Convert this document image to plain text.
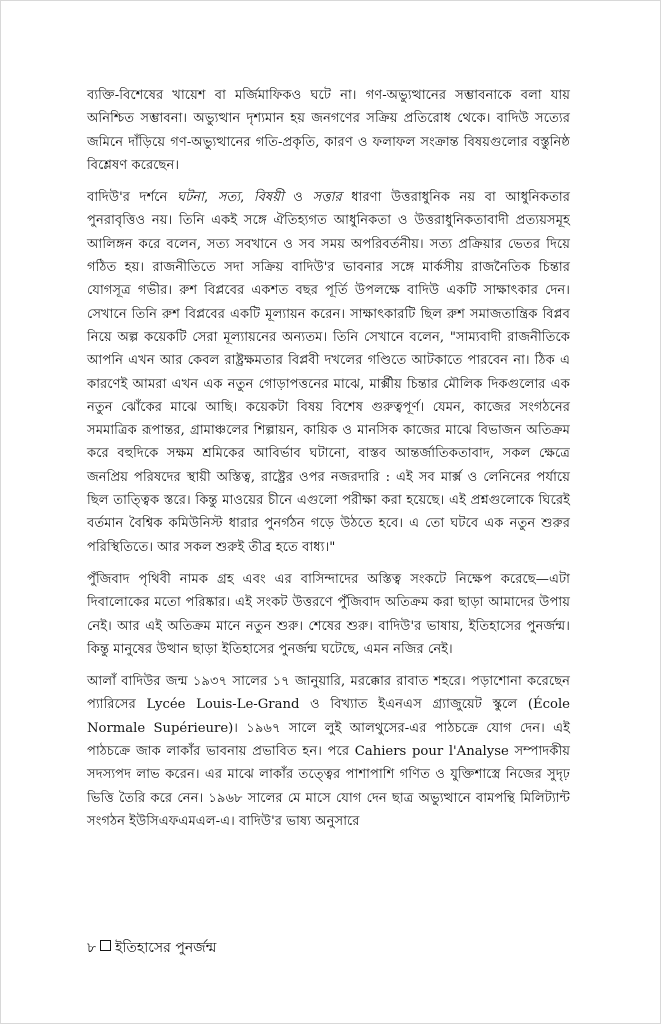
ব্যক্তি-বিশেষের খায়েশ বা মর্জিমাফিকও ঘটে না। গণ-অভ্যুত্থানের সম্ভাবনাকে বলা যায় অনিশ্চিত সম্ভাবনা। অভ্যুত্থান দৃশ্যমান হয় জনগণের সক্রিয় প্রতিরোধ থেকে। বাদিউ সত্যের জমিনে দাঁড়িয়ে গণ-অভ্যুত্থানের গতি-প্রকৃতি, কারণ ও ফলাফল সংক্রান্ত বিষয়গুলোর বস্তুনিষ্ঠ বিশ্লেষণ করেছেন।

বাদিউ'র দর্শনে ঘটনা, সত্য, বিষয়ী ও সত্তার ধারণা উত্তরাধুনিক নয় বা আধুনিকতার পুনরাবৃত্তিও নয়। তিনি একই সঙ্গে ঐতিহ্যগত আধুনিকতা ও উত্তরাধুনিকতাবাদী প্রত্যয়সমূহ আলিঙ্গন করে বলেন, সত্য সবখানে ও সব সময় অপরিবর্তনীয়। সত্য প্রক্রিয়ার ভেতর দিয়ে গঠিত হয়। রাজনীতিতে সদা সক্রিয় বাদিউ'র ভাবনার সঙ্গে মার্কসীয় রাজনৈতিক চিন্তার যোগসূত্র গভীর। রুশ বিপ্লবের একশত বছর পূর্তি উপলক্ষে বাদিউ একটি সাক্ষাৎকার দেন। সেখানে তিনি রুশ বিপ্লবের একটি মূল্যায়ন করেন। সাক্ষাৎকারটি ছিল রুশ সমাজতান্ত্রিক বিপ্লব নিয়ে অল্প কয়েকটি সেরা মূল্যায়নের অন্যতম। তিনি সেখানে বলেন, "সাম্যবাদী রাজনীতিকে আপনি এখন আর কেবল রাষ্ট্রক্ষমতার বিপ্লবী দখলের গণ্ডিতে আটকাতে পারবেন না। ঠিক এ কারণেই আমরা এখন এক নতুন গোড়াপত্তনের মাঝে, মার্ক্সীয় চিন্তার মৌলিক দিকগুলোর এক নতুন ঝোঁকের মাঝে আছি। কয়েকটা বিষয় বিশেষ গুরুত্বপূর্ণ। যেমন, কাজের সংগঠনের সমমাত্রিক রূপান্তর, গ্রামাঞ্চলের শিল্পায়ন, কায়িক ও মানসিক কাজের মাঝে বিভাজন অতিক্রম করে বহুদিকে সক্ষম শ্রমিকের আবির্ভাব ঘটানো, বাস্তব আন্তর্জাতিকতাবাদ, সকল ক্ষেত্রে জনপ্রিয় পরিষদের স্থায়ী অস্তিত্ব, রাষ্ট্রের ওপর নজরদারি : এই সব মার্ক্স ও লেনিনের পর্যায়ে ছিল তাত্ত্বিক স্তরে। কিন্তু মাওয়ের চীনে এগুলো পরীক্ষা করা হয়েছে। এই প্রশ্নগুলোকে ঘিরেই বর্তমান বৈশ্বিক কমিউনিস্ট ধারার পুনর্গঠন গড়ে উঠতে হবে। এ তো ঘটবে এক নতুন শুরুর পরিস্থিতিতে। আর সকল শুরুই তীব্র হতে বাধ্য।"

পুঁজিবাদ পৃথিবী নামক গ্রহ এবং এর বাসিন্দাদের অস্তিত্ব সংকটে নিক্ষেপ করেছে—এটা দিবালোকের মতো পরিষ্কার। এই সংকট উত্তরণে পুঁজিবাদ অতিক্রম করা ছাড়া আমাদের উপায় নেই। আর এই অতিক্রম মানে নতুন শুরু। শেষের শুরু। বাদিউ'র ভাষায়, ইতিহাসের পুনর্জন্ম। কিন্তু মানুষের উত্থান ছাড়া ইতিহাসের পুনর্জন্ম ঘটেছে, এমন নজির নেই।

আলাঁ বাদিউর জন্ম ১৯৩৭ সালের ১৭ জানুয়ারি, মরক্কোর রাবাত শহরে। পড়াশোনা করেছেন প্যারিসের Lycée Louis-Le-Grand ও বিখ্যাত ইএনএস গ্র্যাজুয়েট স্কুলে (École Normale Supérieure)। ১৯৬৭ সালে লুই আলথুসের-এর পাঠচক্রে যোগ দেন। এই পাঠচক্রে জাক লাকাঁর ভাবনায় প্রভাবিত হন। পরে Cahiers pour l'Analyse সম্পাদকীয় সদস্যপদ লাভ করেন। এর মাঝে লাকাঁর তত্ত্বের পাশাপাশি গণিত ও যুক্তিশাস্ত্রে নিজের সুদৃঢ় ভিত্তি তৈরি করে নেন। ১৯৬৮ সালের মে মাসে যোগ দেন ছাত্র অভ্যুত্থানে বামপন্থি মিলিট্যান্ট সংগঠন ইউসিএফএমএল-এ। বাদিউ'র ভাষ্য অনুসারে

৮ ইতিহাসের পুনর্জন্ম
